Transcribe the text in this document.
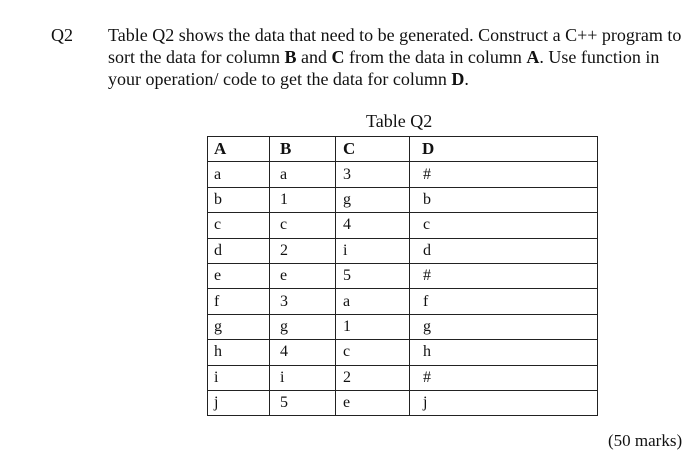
Q2 Table Q2 shows the data that need to be generated. Construct a C++ program to
sort the data for column B and C from the data in column A. Use function in
your operation/ code to get the data for column D.
Table Q2
A	B	C	D
a	a	3	#
b	1	g	b
c	c	4	c
d	2	i	d
e	e	5	#
f	3	a	f
g	g	1	g
h	4	c	h
i	i	2	#
j	5	e	j
(50 marks)
